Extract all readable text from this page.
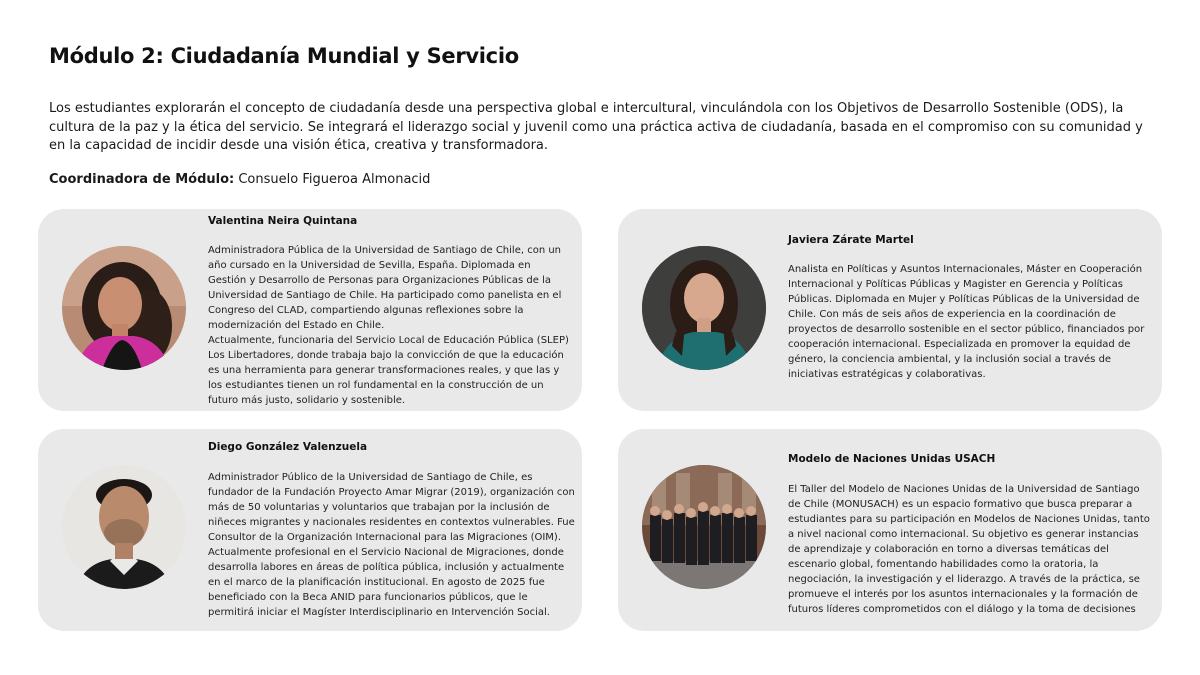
Módulo 2: Ciudadanía Mundial y Servicio
Los estudiantes explorarán el concepto de ciudadanía desde una perspectiva global e intercultural, vinculándola con los Objetivos de Desarrollo Sostenible (ODS), la cultura de la paz y la ética del servicio. Se integrará el liderazgo social y juvenil como una práctica activa de ciudadanía, basada en el compromiso con su comunidad y en la capacidad de incidir desde una visión ética, creativa y transformadora.
Coordinadora de Módulo: Consuelo Figueroa Almonacid
Valentina Neira Quintana
Administradora Pública de la Universidad de Santiago de Chile, con un año cursado en la Universidad de Sevilla, España. Diplomada en Gestión y Desarrollo de Personas para Organizaciones Públicas de la Universidad de Santiago de Chile. Ha participado como panelista en el Congreso del CLAD, compartiendo algunas reflexiones sobre la modernización del Estado en Chile.
Actualmente, funcionaria del Servicio Local de Educación Pública (SLEP) Los Libertadores, donde trabaja bajo la convicción de que la educación es una herramienta para generar transformaciones reales, y que las y los estudiantes tienen un rol fundamental en la construcción de un futuro más justo, solidario y sostenible.
Javiera Zárate Martel
Analista en Políticas y Asuntos Internacionales, Máster en Cooperación Internacional y Políticas Públicas y Magister en Gerencia y Políticas Públicas. Diplomada en Mujer y Políticas Públicas de la Universidad de Chile. Con más de seis años de experiencia en la coordinación de proyectos de desarrollo sostenible en el sector público, financiados por cooperación internacional. Especializada en promover la equidad de género, la conciencia ambiental, y la inclusión social a través de iniciativas estratégicas y colaborativas.
Diego González Valenzuela
Administrador Público de la Universidad de Santiago de Chile, es fundador de la Fundación Proyecto Amar Migrar (2019), organización con más de 50 voluntarias y voluntarios que trabajan por la inclusión de niñeces migrantes y nacionales residentes en contextos vulnerables. Fue Consultor de la Organización Internacional para las Migraciones (OIM). Actualmente profesional en el Servicio Nacional de Migraciones, donde desarrolla labores en áreas de política pública, inclusión y actualmente en el marco de la planificación institucional. En agosto de 2025 fue beneficiado con la Beca ANID para funcionarios públicos, que le permitirá iniciar el Magíster Interdisciplinario en Intervención Social.
Modelo de Naciones Unidas USACH
El Taller del Modelo de Naciones Unidas de la Universidad de Santiago de Chile (MONUSACH) es un espacio formativo que busca preparar a estudiantes para su participación en Modelos de Naciones Unidas, tanto a nivel nacional como internacional. Su objetivo es generar instancias de aprendizaje y colaboración en torno a diversas temáticas del escenario global, fomentando habilidades como la oratoria, la negociación, la investigación y el liderazgo. A través de la práctica, se promueve el interés por los asuntos internacionales y la formación de futuros líderes comprometidos con el diálogo y la toma de decisiones
